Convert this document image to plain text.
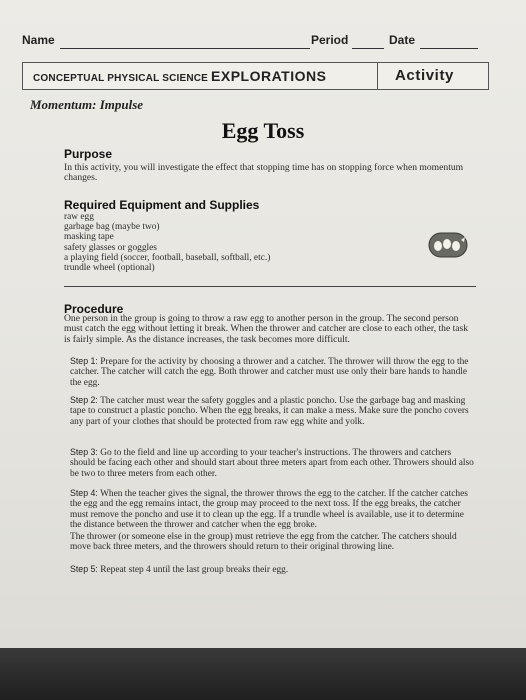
Name	Period	Date
CONCEPTUAL PHYSICAL SCIENCE EXPLORATIONS	Activity
Momentum: Impulse
Egg Toss
Purpose
In this activity, you will investigate the effect that stopping time has on stopping force when momentum changes.
Required Equipment and Supplies
raw egg
garbage bag (maybe two)
masking tape
safety glasses or goggles
a playing field (soccer, football, baseball, softball, etc.)
trundle wheel (optional)
Procedure
One person in the group is going to throw a raw egg to another person in the group. The second person must catch the egg without letting it break. When the thrower and catcher are close to each other, the task is fairly simple. As the distance increases, the task becomes more difficult.
Step 1: Prepare for the activity by choosing a thrower and a catcher. The thrower will throw the egg to the catcher. The catcher will catch the egg. Both thrower and catcher must use only their bare hands to handle the egg.
Step 2: The catcher must wear the safety goggles and a plastic poncho. Use the garbage bag and masking tape to construct a plastic poncho. When the egg breaks, it can make a mess. Make sure the poncho covers any part of your clothes that should be protected from raw egg white and yolk.
Step 3: Go to the field and line up according to your teacher's instructions. The throwers and catchers should be facing each other and should start about three meters apart from each other. Throwers should also be two to three meters from each other.
Step 4: When the teacher gives the signal, the thrower throws the egg to the catcher. If the catcher catches the egg and the egg remains intact, the group may proceed to the next toss. If the egg breaks, the catcher must remove the poncho and use it to clean up the egg. If a trundle wheel is available, use it to determine the distance between the thrower and catcher when the egg broke.
The thrower (or someone else in the group) must retrieve the egg from the catcher. The catchers should move back three meters, and the throwers should return to their original throwing line.
Step 5: Repeat step 4 until the last group breaks their egg.
